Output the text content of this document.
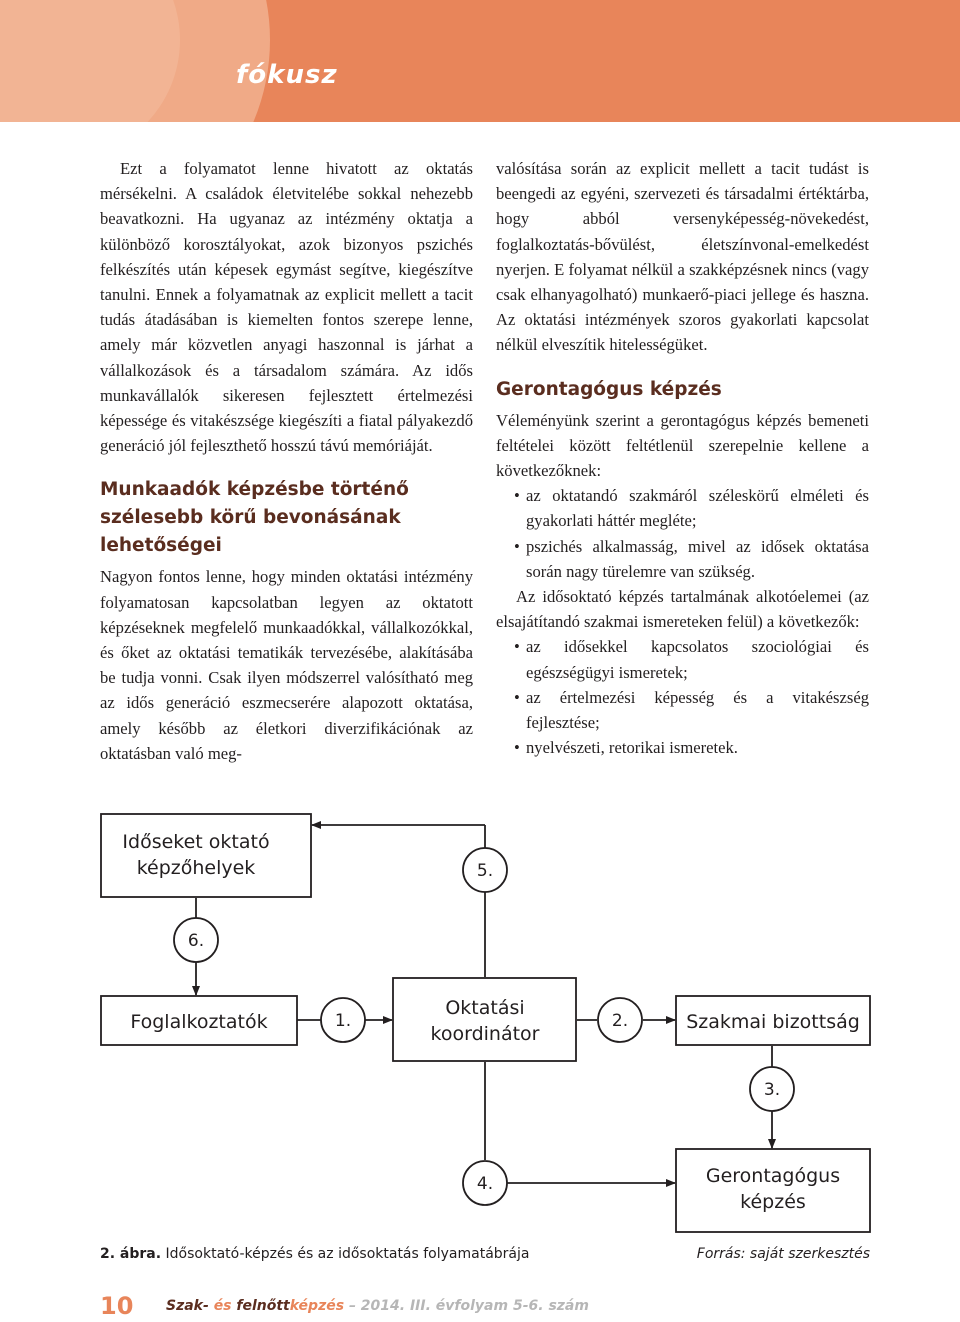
fókusz

Ezt a folyamatot lenne hivatott az oktatás mérsékelni. A családok életvitelébe sokkal nehezebb beavatkozni. Ha ugyanaz az intézmény oktatja a különböző korosztályokat, azok bizonyos pszichés felkészítés után képesek egymást segítve, kiegészítve tanulni. Ennek a folyamatnak az explicit mellett a tacit tudás átadásában is kiemelten fontos szerepe lenne, amely már közvetlen anyagi haszonnal is járhat a vállalkozások és a társadalom számára. Az idős munkavállalók sikeresen fejlesztett értelmezési képessége és vitakészsége kiegészíti a fiatal pályakezdő generáció jól fejleszthető hosszú távú memóriáját.

Munkaadók képzésbe történő szélesebb körű bevonásának lehetőségei

Nagyon fontos lenne, hogy minden oktatási intézmény folyamatosan kapcsolatban legyen az oktatott képzéseknek megfelelő munkaadókkal, vállalkozókkal, és őket az oktatási tematikák tervezésébe, alakításába be tudja vonni. Csak ilyen módszerrel valósítható meg az idős generáció eszmecserére alapozott oktatása, amely később az életkori diverzifikációnak az oktatásban való meg-

valósítása során az explicit mellett a tacit tudást is beengedi az egyéni, szervezeti és társadalmi értéktárba, hogy abból versenyképesség-növekedést, foglalkoztatás-bővülést, életszínvonal-emelkedést nyerjen. E folyamat nélkül a szakképzésnek nincs (vagy csak elhanyagolható) munkaerő-piaci jellege és haszna. Az oktatási intézmények szoros gyakorlati kapcsolat nélkül elveszítik hitelességüket.

Gerontagógus képzés

Véleményünk szerint a gerontagógus képzés bemeneti feltételei között feltétlenül szerepelnie kellene a következőknek:

• az oktatandó szakmáról széleskörű elméleti és gyakorlati háttér meglétе;
• pszichés alkalmasság, mivel az idősek oktatása során nagy türelemre van szükség.

Az idősoktató képzés tartalmának alkotóelemei (az elsajátítandó szakmai ismereteken felül) a következők:

• az idősekkel kapcsolatos szociológiai és egészségügyi ismeretek;
• az értelmezési képesség és a vitakészség fejlesztése;
• nyelvészeti, retorikai ismeretek.
Időseket oktató
képzőhelyek
Foglalkoztatók
Oktatási
koordinátor
Szakmai bizottság
Gerontagógus
képzés
1.	2.
3.
4.
5.
6.
2. ábra. Idősoktató-képzés és az idősoktatás folyamatábrája	Forrás: saját szerkesztés
10 Szak- és felnőttképzés – 2014. III. évfolyam 5-6. szám
